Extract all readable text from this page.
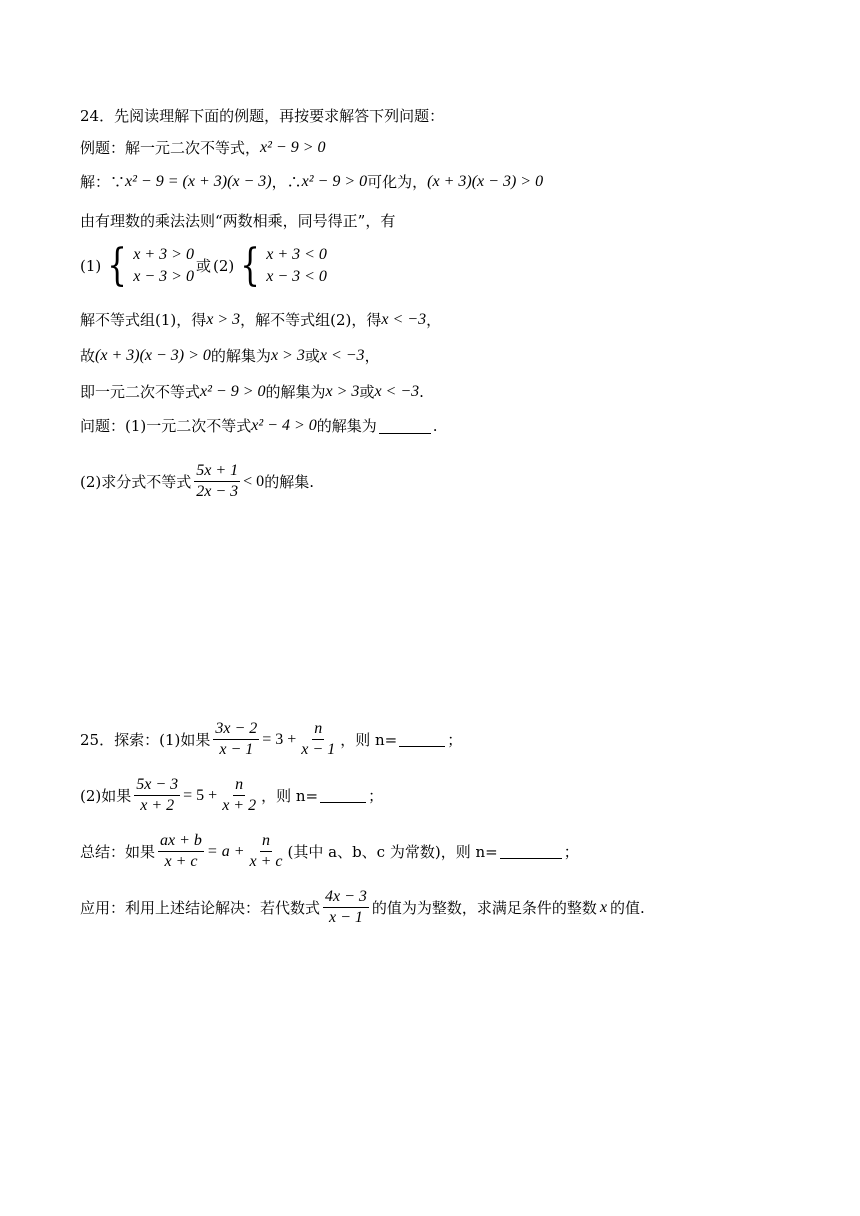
24．先阅读理解下面的例题，再按要求解答下列问题：
例题：解一元二次不等式， x² − 9 > 0
解：∵ x² − 9 = (x + 3)(x − 3) ，∴ x² − 9 > 0 可化为， (x + 3)(x − 3) > 0
由有理数的乘法法则“两数相乘，同号得正”，有
(1) { x + 3 > 0
x − 3 > 0
或 (2) { x + 3 < 0
x − 3 < 0
解不等式组(1)，得 x > 3 ，解不等式组(2)，得 x < −3 ，
故 (x + 3)(x − 3) > 0 的解集为 x > 3 或 x < −3 ，
即一元二次不等式 x² − 9 > 0 的解集为 x > 3 或 x < −3 .
问题：(1)一元二次不等式 x² − 4 > 0 的解集为	.
(2)求分式不等式 $\frac{5x + 1}{2x - 3} < 0$ 的解集.
25．探索：(1)如果 $\frac{3x - 2}{x - 1} = 3 + \frac{n}{x - 1}$ ，则 n=	；
(2)如果 $\frac{5x - 3}{x + 2} = 5 + \frac{n}{x + 2}$ ，则 n=	；
总结：如果 $\frac{ax + b}{x + c} = a + \frac{n}{x + c}$ (其中 a、b、c 为常数)，则 n=	；
应用：利用上述结论解决：若代数式 $\frac{4x - 3}{x - 1}$ 的值为为整数，求满足条件的整数 x 的值.
